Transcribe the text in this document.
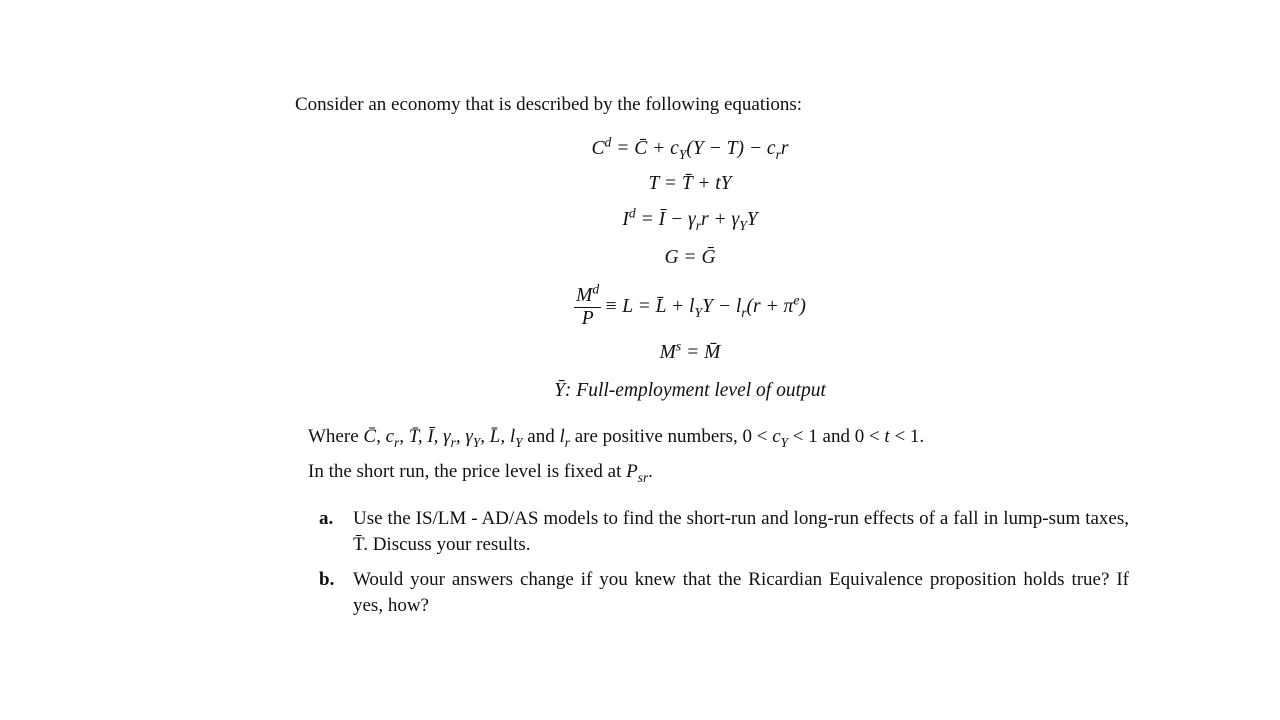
Consider an economy that is described by the following equations:
$C^d$ = C̄ + $c_Y(Y - T) - c_rr$
T = T̄ + tY
$I^d$ = Ī − $\gamma_rr + \gamma_YY$
G = Ḡ
$\frac{M^d}{P} \equiv L$ = L̄ + $l_YY - l_r(r + \pi^e)$
$M^s$ = M̄
Ȳ: Full-employment level of output
Where C̄, $c_r$, T̄, Ī, $\gamma_r$, $\gamma_Y$, L̄, $l_Y$ and $l_r$ are positive numbers, $0 < c_Y < 1$ and 0 < t < 1.
In the short run, the price level is fixed at $P_{sr}$.
a. Use the IS/LM - AD/AS models to find the short-run and long-run effects of a fall in lump-sum taxes, T̄. Discuss your results.
b. Would your answers change if you knew that the Ricardian Equivalence proposition holds true? If yes, how?
